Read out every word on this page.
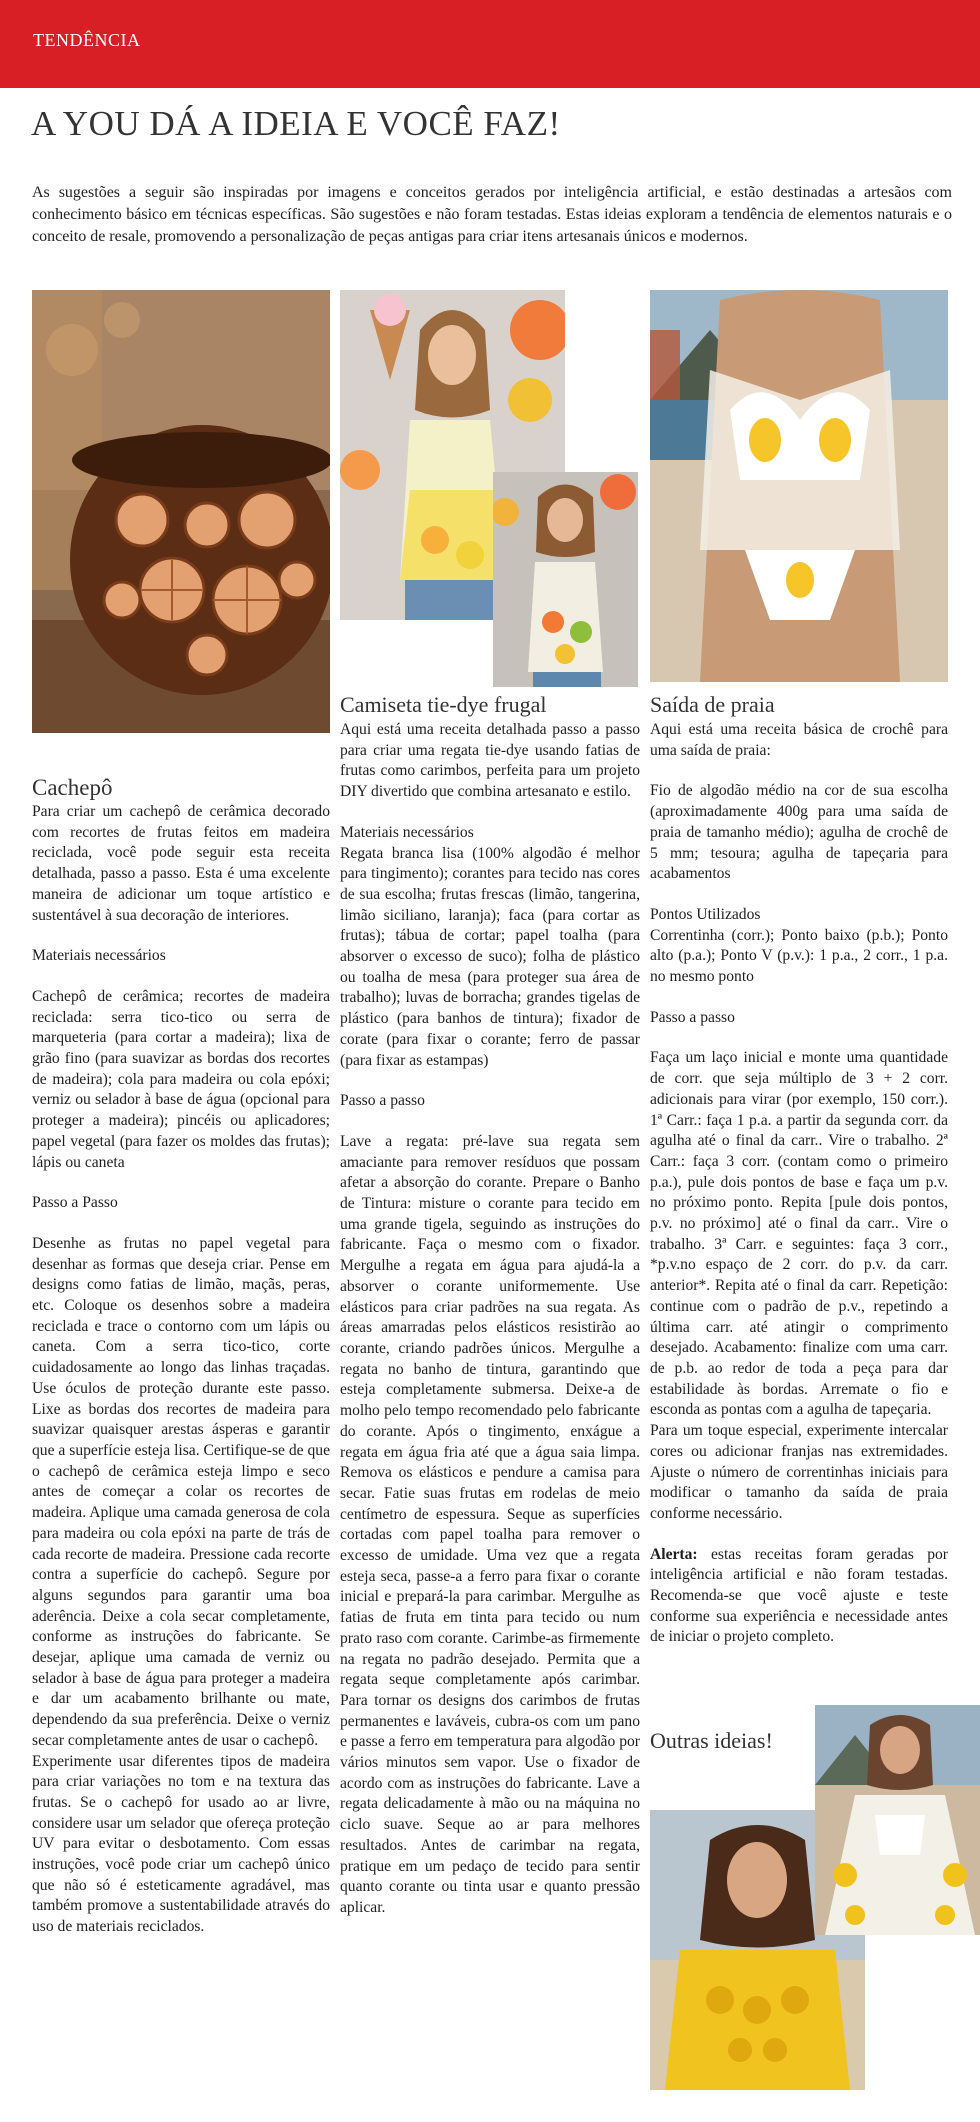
TENDÊNCIA
A YOU DÁ A IDEIA E VOCÊ FAZ!

As sugestões a seguir são inspiradas por imagens e conceitos gerados por inteligência artificial, e estão destinadas a artesãos com conhecimento básico em técnicas específicas. São sugestões e não foram testadas. Estas ideias exploram a tendência de elementos naturais e o conceito de resale, promovendo a personalização de peças antigas para criar itens artesanais únicos e modernos.

Cachepô

Para criar um cachepô de cerâmica decorado com recortes de frutas feitos em madeira reciclada, você pode seguir esta receita detalhada, passo a passo. Esta é uma excelente maneira de adicionar um toque artístico e sustentável à sua decoração de interiores.

Materiais necessários

Cachepô de cerâmica; recortes de madeira reciclada: serra tico-tico ou serra de marqueteria (para cortar a madeira); lixa de grão fino (para suavizar as bordas dos recortes de madeira); cola para madeira ou cola epóxi; verniz ou selador à base de água (opcional para proteger a madeira); pincéis ou aplicadores; papel vegetal (para fazer os moldes das frutas); lápis ou caneta

Passo a Passo

Desenhe as frutas no papel vegetal para desenhar as formas que deseja criar. Pense em designs como fatias de limão, maçãs, peras, etc. Coloque os desenhos sobre a madeira reciclada e trace o contorno com um lápis ou caneta. Com a serra tico-tico, corte cuidadosamente ao longo das linhas traçadas. Use óculos de proteção durante este passo. Lixe as bordas dos recortes de madeira para suavizar quaisquer arestas ásperas e garantir que a superfície esteja lisa. Certifique-se de que o cachepô de cerâmica esteja limpo e seco antes de começar a colar os recortes de madeira. Aplique uma camada generosa de cola para madeira ou cola epóxi na parte de trás de cada recorte de madeira. Pressione cada recorte contra a superfície do cachepô. Segure por alguns segundos para garantir uma boa aderência. Deixe a cola secar completamente, conforme as instruções do fabricante. Se desejar, aplique uma camada de verniz ou selador à base de água para proteger a madeira e dar um acabamento brilhante ou mate, dependendo da sua preferência. Deixe o verniz secar completamente antes de usar o cachepô.

Experimente usar diferentes tipos de madeira para criar variações no tom e na textura das frutas. Se o cachepô for usado ao ar livre, considere usar um selador que ofereça proteção UV para evitar o desbotamento. Com essas instruções, você pode criar um cachepô único que não só é esteticamente agradável, mas também promove a sustentabilidade através do uso de materiais reciclados.

Camiseta tie-dye frugal

Aqui está uma receita detalhada passo a passo para criar uma regata tie-dye usando fatias de frutas como carimbos, perfeita para um projeto DIY divertido que combina artesanato e estilo.

Materiais necessários

Regata branca lisa (100% algodão é melhor para tingimento); corantes para tecido nas cores de sua escolha; frutas frescas (limão, tangerina, limão siciliano, laranja); faca (para cortar as frutas); tábua de cortar; papel toalha (para absorver o excesso de suco); folha de plástico ou toalha de mesa (para proteger sua área de trabalho); luvas de borracha; grandes tigelas de plástico (para banhos de tintura); fixador de corate (para fixar o corante; ferro de passar (para fixar as estampas)

Passo a passo

Lave a regata: pré-lave sua regata sem amaciante para remover resíduos que possam afetar a absorção do corante. Prepare o Banho de Tintura: misture o corante para tecido em uma grande tigela, seguindo as instruções do fabricante. Faça o mesmo com o fixador. Mergulhe a regata em água para ajudá-la a absorver o corante uniformemente. Use elásticos para criar padrões na sua regata. As áreas amarradas pelos elásticos resistirão ao corante, criando padrões únicos. Mergulhe a regata no banho de tintura, garantindo que esteja completamente submersa. Deixe-a de molho pelo tempo recomendado pelo fabricante do corante. Após o tingimento, enxágue a regata em água fria até que a água saia limpa. Remova os elásticos e pendure a camisa para secar. Fatie suas frutas em rodelas de meio centímetro de espessura. Seque as superfícies cortadas com papel toalha para remover o excesso de umidade. Uma vez que a regata esteja seca, passe-a a ferro para fixar o corante inicial e prepará-la para carimbar. Mergulhe as fatias de fruta em tinta para tecido ou num prato raso com corante. Carimbe-as firmemente na regata no padrão desejado. Permita que a regata seque completamente após carimbar. Para tornar os designs dos carimbos de frutas permanentes e laváveis, cubra-os com um pano e passe a ferro em temperatura para algodão por vários minutos sem vapor. Use o fixador de acordo com as instruções do fabricante. Lave a regata delicadamente à mão ou na máquina no ciclo suave. Seque ao ar para melhores resultados. Antes de carimbar na regata, pratique em um pedaço de tecido para sentir quanto corante ou tinta usar e quanto pressão aplicar.

Saída de praia

Aqui está uma receita básica de crochê para uma saída de praia:

Fio de algodão médio na cor de sua escolha (aproximadamente 400g para uma saída de praia de tamanho médio); agulha de crochê de 5 mm; tesoura; agulha de tapeçaria para acabamentos

Pontos Utilizados

Correntinha (corr.); Ponto baixo (p.b.); Ponto alto (p.a.); Ponto V (p.v.): 1 p.a., 2 corr., 1 p.a. no mesmo ponto

Passo a passo

Faça um laço inicial e monte uma quantidade de corr. que seja múltiplo de 3 + 2 corr. adicionais para virar (por exemplo, 150 corr.). 1ª Carr.: faça 1 p.a. a partir da segunda corr. da agulha até o final da carr.. Vire o trabalho. 2ª Carr.: faça 3 corr. (contam como o primeiro p.a.), pule dois pontos de base e faça um p.v. no próximo ponto. Repita [pule dois pontos, p.v. no próximo] até o final da carr.. Vire o trabalho. 3ª Carr. e seguintes: faça 3 corr., *p.v.no espaço de 2 corr. do p.v. da carr. anterior*. Repita até o final da carr. Repetição: continue com o padrão de p.v., repetindo a última carr. até atingir o comprimento desejado. Acabamento: finalize com uma carr. de p.b. ao redor de toda a peça para dar estabilidade às bordas. Arremate o fio e esconda as pontas com a agulha de tapeçaria.

Para um toque especial, experimente intercalar cores ou adicionar franjas nas extremidades. Ajuste o número de correntinhas iniciais para modificar o tamanho da saída de praia conforme necessário.

Alerta: estas receitas foram geradas por inteligência artificial e não foram testadas. Recomenda-se que você ajuste e teste conforme sua experiência e necessidade antes de iniciar o projeto completo.

Outras ideias!
